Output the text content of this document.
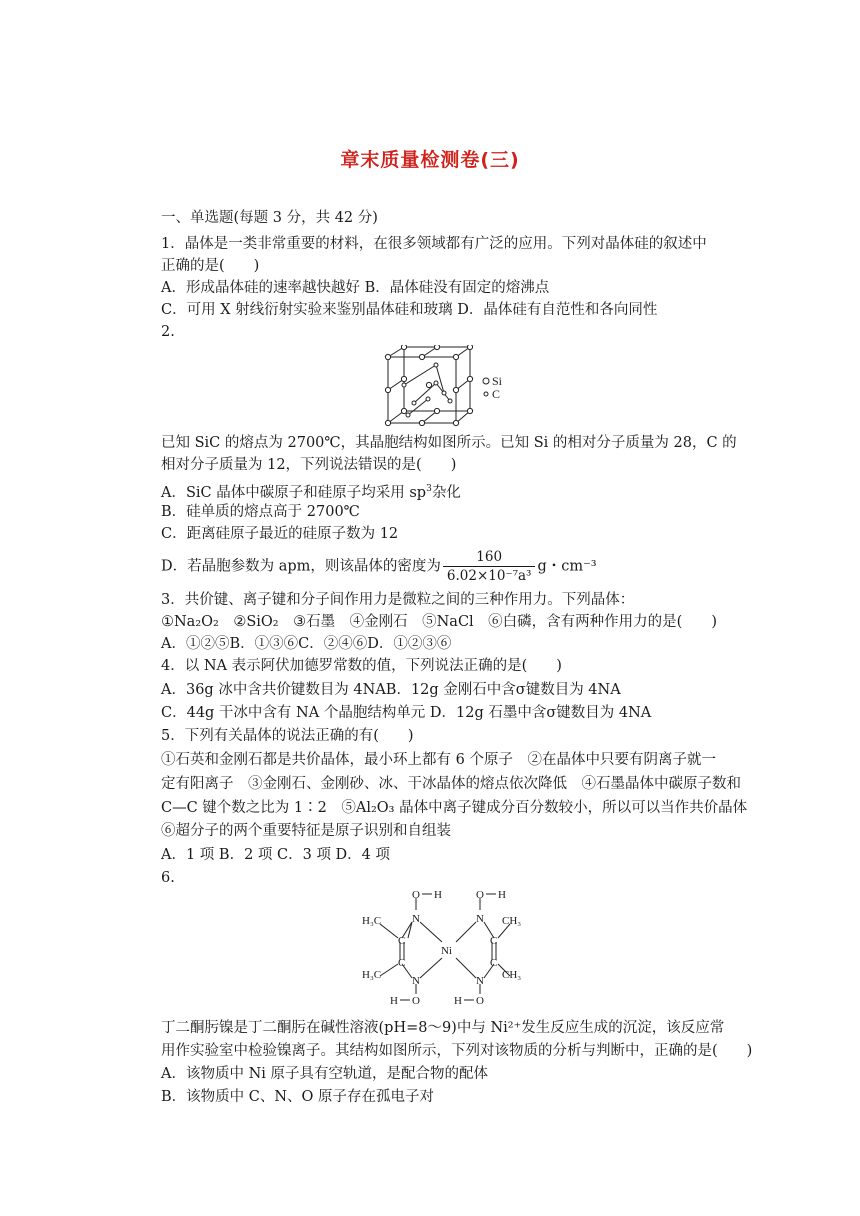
章末质量检测卷(三)
一、单选题(每题 3 分，共 42 分)
1．晶体是一类非常重要的材料，在很多领域都有广泛的应用。下列对晶体硅的叙述中
正确的是(　　)
A．形成晶体硅的速率越快越好 B．晶体硅没有固定的熔沸点
C．可用 X 射线衍射实验来鉴别晶体硅和玻璃 D．晶体硅有自范性和各向同性
2.
Si
C
已知 SiC 的熔点为 2700℃，其晶胞结构如图所示。已知 Si 的相对分子质量为 28，C 的
相对分子质量为 12，下列说法错误的是(　　)
A．SiC 晶体中碳原子和硅原子均采用 $sp^3$杂化
B．硅单质的熔点高于 2700℃
C．距离硅原子最近的硅原子数为 12
D．若晶胞参数为 apm，则该晶体的密度为 $\frac{160}{\text{6.02×10⁻⁷a³}}$ g・cm⁻³
3．共价键、离子键和分子间作用力是微粒之间的三种作用力。下列晶体：
①Na₂O₂　②SiO₂　③石墨　④金刚石　⑤NaCl　⑥白磷，含有两种作用力的是(　　)
A．①②⑤B．①③⑥C．②④⑥D．①②③⑥
4．以 NA 表示阿伏加德罗常数的值，下列说法正确的是(　　)
A．36g 冰中含共价键数目为 4NAB．12g 金刚石中含σ键数目为 4NA
C．44g 干冰中含有 NA 个晶胞结构单元 D．12g 石墨中含σ键数目为 4NA
5．下列有关晶体的说法正确的有(　　)
①石英和金刚石都是共价晶体，最小环上都有 6 个原子　②在晶体中只要有阴离子就一
定有阳离子　③金刚石、金刚砂、冰、干冰晶体的熔点依次降低　④石墨晶体中碳原子数和
C—C 键个数之比为 1∶2　⑤Al₂O₃ 晶体中离子键成分百分数较小，所以可以当作共价晶体
⑥超分子的两个重要特征是原子识别和自组装
A．1 项 B．2 项 C．3 项 D．4 项
6.
O H	O H
N	N
C	C
C	C
N	N
Ni
H₃C	CH₃
H₃C	CH₃
H O	H O
丁二酮肟镍是丁二酮肟在碱性溶液(pH=8～9)中与 Ni²⁺发生反应生成的沉淀，该反应常
用作实验室中检验镍离子。其结构如图所示，下列对该物质的分析与判断中，正确的是(　　)
A．该物质中 Ni 原子具有空轨道，是配合物的配体
B．该物质中 C、N、O 原子存在孤电子对
